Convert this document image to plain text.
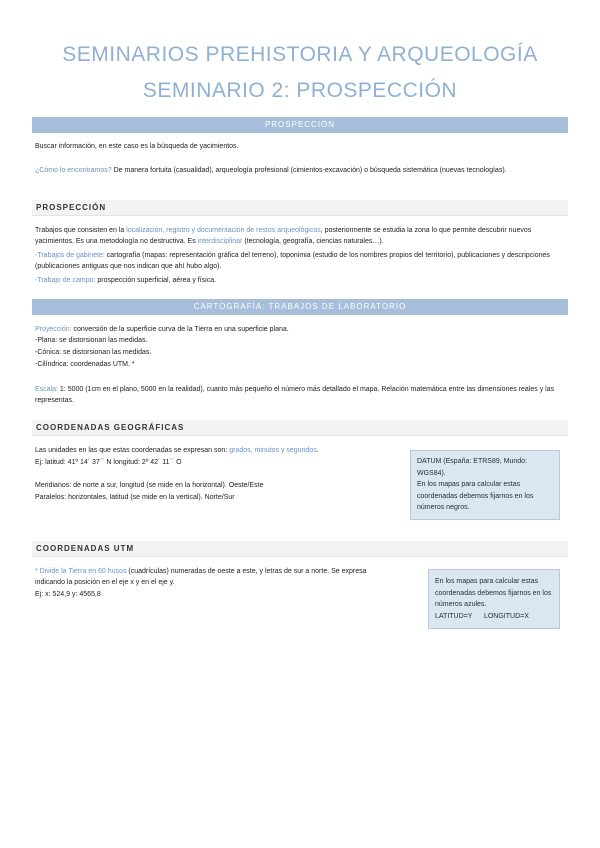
SEMINARIOS PREHISTORIA Y ARQUEOLOGÍA
SEMINARIO 2: PROSPECCIÓN
PROSPECCIÓN
Buscar información, en este caso es la búsqueda de yacimientos.
¿Cómo lo encontramos? De manera fortuita (casualidad), arqueología profesional (cimientos-excavación) o búsqueda sistemática (nuevas tecnologías).
PROSPECCIÓN
Trabajos que consisten en la localización, registro y documentación de restos arqueológicos, posteriormente se estudia la zona lo que permite descubrir nuevos yacimientos. Es una metodología no destructiva. Es interdisciplinar (tecnología, geografía, ciencias naturales…).
-Trabajos de gabinete: cartografía (mapas: representación gráfica del terreno), toponimia (estudio de los nombres propios del territorio), publicaciones y descripciones (publicaciones antiguas que nos indican que ahí hubo algo).
-Trabajo de campo: prospección superficial, aérea y física.
CARTOGRAFÍA: TRABAJOS DE LABORATORIO
Proyección: conversión de la superficie curva de la Tierra en una superficie plana.
-Plana: se distorsionan las medidas.
-Cónica: se distorsionan las medidas.
-Cilíndrica: coordenadas UTM. *
Escala: 1: 5000 (1cm en el plano, 5000 en la realidad), cuanto más pequeño el número más detallado el mapa. Relación matemática entre las dimensiones reales y las representas.
COORDENADAS GEOGRÁFICAS
Las unidades en las que estas coordenadas se expresan son: grados, minutos y segundos.
Ej: latitud: 41º 14´ 37´´ N longitud: 2º 42´ 11´´ O
Meridianos: de norte a sur, longitud (se mide en la horizontal). Oeste/Este
Paralelos: horizontales, latitud (se mide en la vertical). Norte/Sur
DATUM (España: ETRS89, Mundo: WGS84).
En los mapas para calcular estas coordenadas debemos fijarnos en los números negros.
COORDENADAS UTM
* Divide la Tierra en 60 husos (cuadrículas) numeradas de oeste a este, y letras de sur a norte. Se expresa indicando la posición en el eje x y en el eje y.
Ej: x: 524,9 y: 4565,8
En los mapas para calcular estas coordenadas debemos fijarnos en los números azules.
LATITUD=Y      LONGITUD=X
